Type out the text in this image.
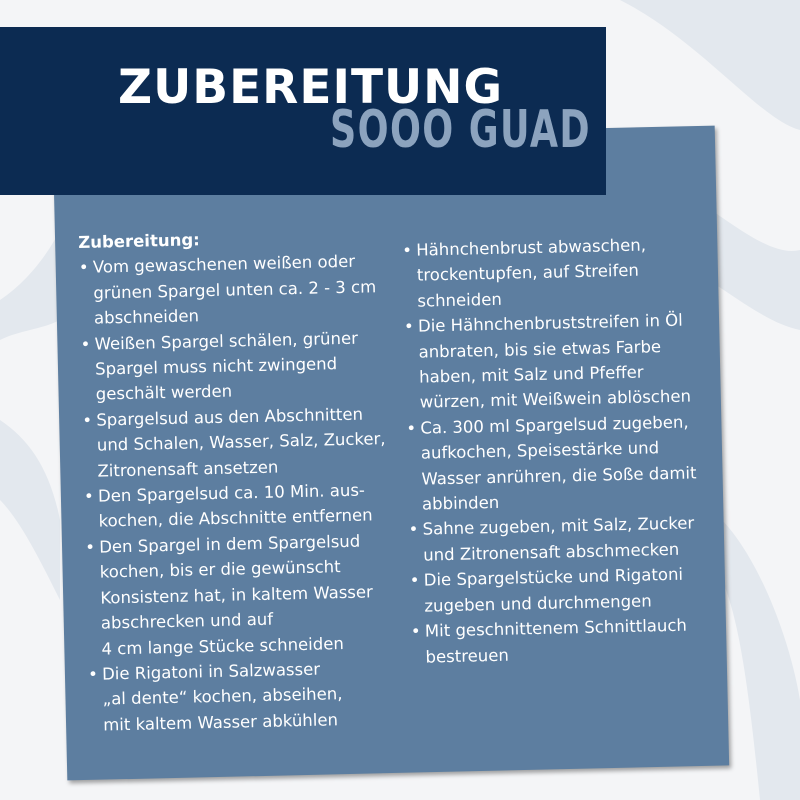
ZUBEREITUNG
SOOO GUAD
Zubereitung:
• Vom gewaschenen weißen oder
grünen Spargel unten ca. 2 - 3 cm
abschneiden
• Weißen Spargel schälen, grüner
Spargel muss nicht zwingend
geschält werden
• Spargelsud aus den Abschnitten
und Schalen, Wasser, Salz, Zucker,
Zitronensaft ansetzen
• Den Spargelsud ca. 10 Min. aus-
kochen, die Abschnitte entfernen
• Den Spargel in dem Spargelsud
kochen, bis er die gewünscht
Konsistenz hat, in kaltem Wasser
abschrecken und auf
4 cm lange Stücke schneiden
• Die Rigatoni in Salzwasser
„al dente“ kochen, abseihen,
mit kaltem Wasser abkühlen
• Hähnchenbrust abwaschen,
trockentupfen, auf Streifen
schneiden
• Die Hähnchenbruststreifen in Öl
anbraten, bis sie etwas Farbe
haben, mit Salz und Pfeffer
würzen, mit Weißwein ablöschen
• Ca. 300 ml Spargelsud zugeben,
aufkochen, Speisestärke und
Wasser anrühren, die Soße damit
abbinden
• Sahne zugeben, mit Salz, Zucker
und Zitronensaft abschmecken
• Die Spargelstücke und Rigatoni
zugeben und durchmengen
• Mit geschnittenem Schnittlauch
bestreuen
